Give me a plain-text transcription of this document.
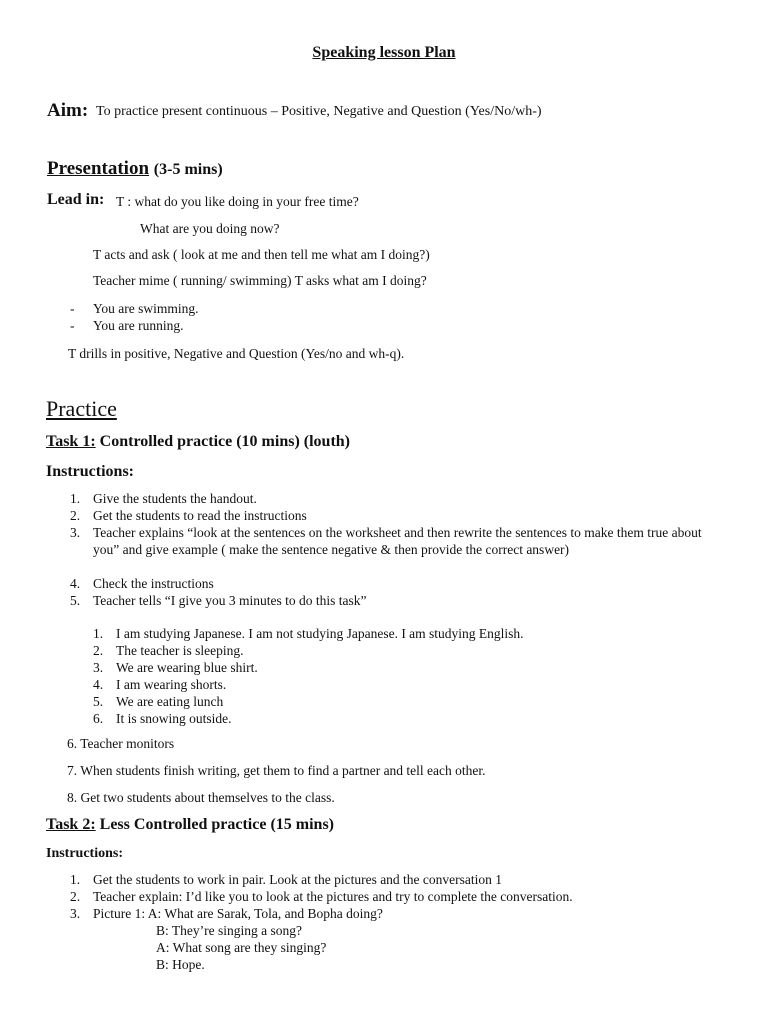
Speaking lesson Plan
Aim: To practice present continuous – Positive, Negative and Question (Yes/No/wh-)
Presentation (3-5 mins)
Lead in: T : what do you like doing in your free time?
What are you doing now?
T acts and ask ( look at me and then tell me what am I doing?)
Teacher mime ( running/ swimming) T asks what am I doing?
- You are swimming.
- You are running.
T drills in positive, Negative and Question (Yes/no and wh-q).
Practice
Task 1: Controlled practice (10 mins) (louth)
Instructions:
1. Give the students the handout.
2. Get the students to read the instructions
3. Teacher explains “look at the sentences on the worksheet and then rewrite the sentences to make them true about you” and give example ( make the sentence negative & then provide the correct answer)
4. Check the instructions
5. Teacher tells “I give you 3 minutes to do this task”
1. I am studying Japanese. I am not studying Japanese. I am studying English.
2. The teacher is sleeping.
3. We are wearing blue shirt.
4. I am wearing shorts.
5. We are eating lunch
6. It is snowing outside.
6. Teacher monitors
7. When students finish writing, get them to find a partner and tell each other.
8. Get two students about themselves to the class.
Task 2: Less Controlled practice (15 mins)
Instructions:
1. Get the students to work in pair. Look at the pictures and the conversation 1
2. Teacher explain: I’d like you to look at the pictures and try to complete the conversation.
3. Picture 1: A: What are Sarak, Tola, and Bopha doing?
B: They’re singing a song?
A: What song are they singing?
B: Hope.
